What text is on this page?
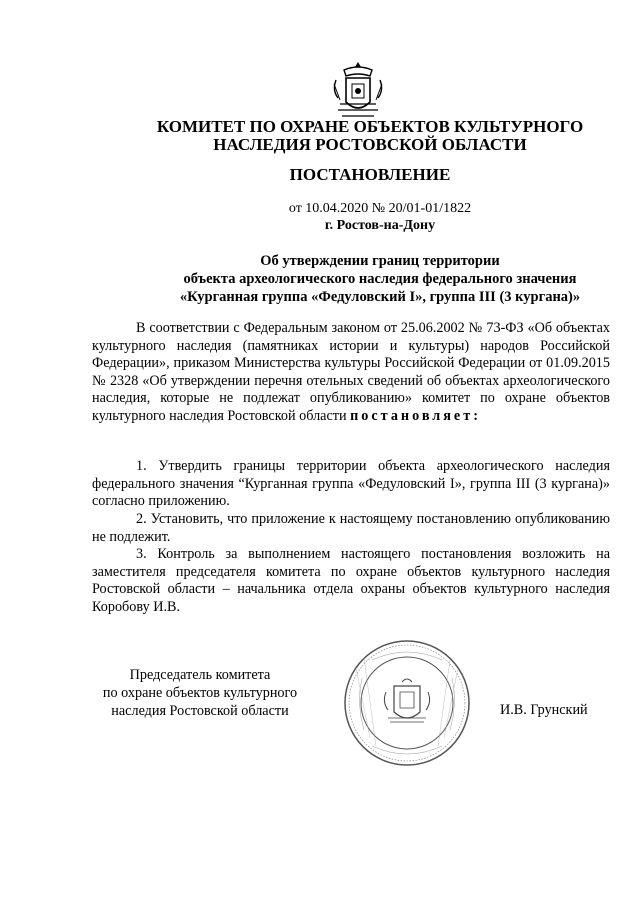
КОМИТЕТ ПО ОХРАНЕ ОБЪЕКТОВ КУЛЬТУРНОГО
НАСЛЕДИЯ РОСТОВСКОЙ ОБЛАСТИ
ПОСТАНОВЛЕНИЕ
от 10.04.2020 № 20/01-01/1822
г. Ростов-на-Дону
Об утверждении границ территории
объекта археологического наследия федерального значения
«Курганная группа «Федуловский I», группа III (3 кургана)»
В соответствии с Федеральным законом от 25.06.2002 № 73-ФЗ «Об объектах культурного наследия (памятниках истории и культуры) народов Российской Федерации», приказом Министерства культуры Российской Федерации от 01.09.2015 № 2328 «Об утверждении перечня отельных сведений об объектах археологического наследия, которые не подлежат опубликованию» комитет по охране объектов культурного наследия Ростовской области постановляет:
1. Утвердить границы территории объекта археологического наследия федерального значения “Курганная группа «Федуловский I», группа III (3 кургана)» согласно приложению.
2. Установить, что приложение к настоящему постановлению опубликованию не подлежит.
3. Контроль за выполнением настоящего постановления возложить на заместителя председателя комитета по охране объектов культурного наследия Ростовской области – начальника отдела охраны объектов культурного наследия Коробову И.В.
Председатель комитета
по охране объектов культурного
наследия Ростовской области	И.В. Грунский
